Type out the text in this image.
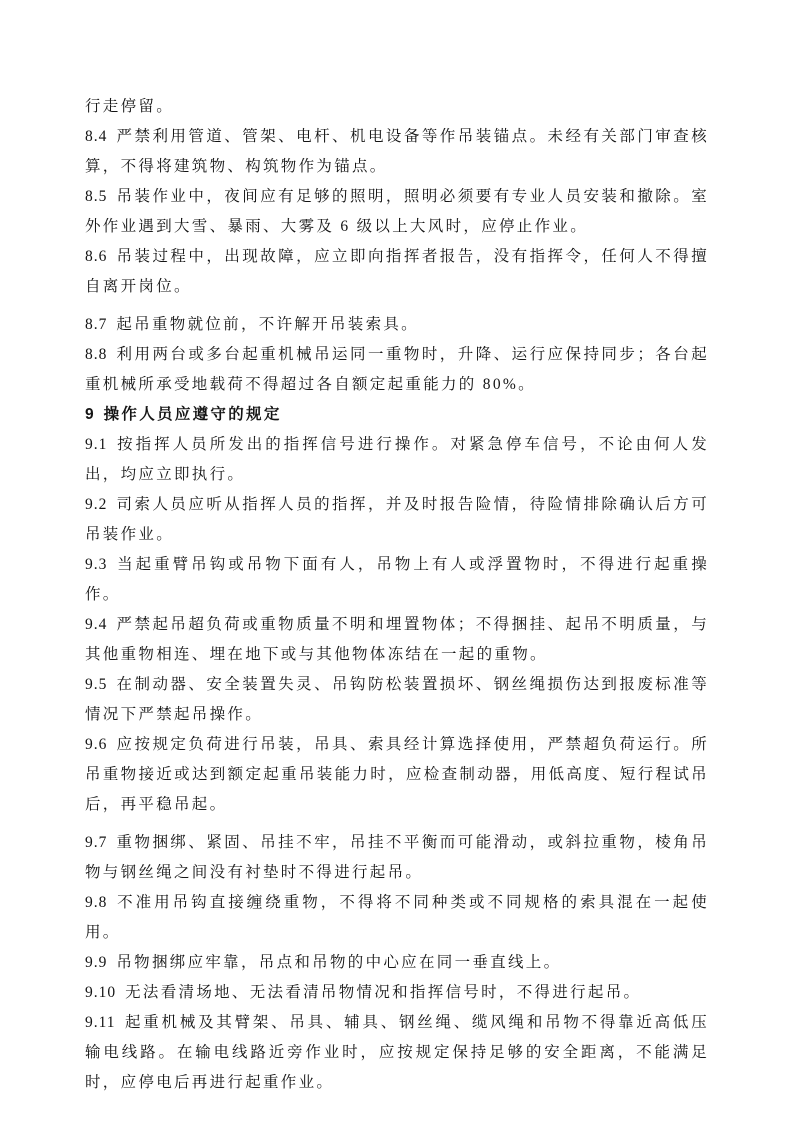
行走停留。

8.4 严禁利用管道、管架、电杆、机电设备等作吊装锚点。未经有关部门审查核算，不得将建筑物、构筑物作为锚点。

8.5 吊装作业中，夜间应有足够的照明，照明必须要有专业人员安装和撤除。室外作业遇到大雪、暴雨、大雾及 6 级以上大风时，应停止作业。

8.6 吊装过程中，出现故障，应立即向指挥者报告，没有指挥令，任何人不得擅自离开岗位。

8.7 起吊重物就位前，不许解开吊装索具。

8.8 利用两台或多台起重机械吊运同一重物时，升降、运行应保持同步；各台起重机械所承受地载荷不得超过各自额定起重能力的 80%。

9 操作人员应遵守的规定

9.1 按指挥人员所发出的指挥信号进行操作。对紧急停车信号，不论由何人发出，均应立即执行。

9.2 司索人员应听从指挥人员的指挥，并及时报告险情，待险情排除确认后方可吊装作业。

9.3 当起重臂吊钩或吊物下面有人，吊物上有人或浮置物时，不得进行起重操作。

9.4 严禁起吊超负荷或重物质量不明和埋置物体；不得捆挂、起吊不明质量，与其他重物相连、埋在地下或与其他物体冻结在一起的重物。

9.5 在制动器、安全装置失灵、吊钩防松装置损坏、钢丝绳损伤达到报废标准等情况下严禁起吊操作。

9.6 应按规定负荷进行吊装，吊具、索具经计算选择使用，严禁超负荷运行。所吊重物接近或达到额定起重吊装能力时，应检查制动器，用低高度、短行程试吊后，再平稳吊起。

9.7 重物捆绑、紧固、吊挂不牢，吊挂不平衡而可能滑动，或斜拉重物，棱角吊物与钢丝绳之间没有衬垫时不得进行起吊。

9.8 不准用吊钩直接缠绕重物，不得将不同种类或不同规格的索具混在一起使用。

9.9 吊物捆绑应牢靠，吊点和吊物的中心应在同一垂直线上。

9.10 无法看清场地、无法看清吊物情况和指挥信号时，不得进行起吊。

9.11 起重机械及其臂架、吊具、辅具、钢丝绳、缆风绳和吊物不得靠近高低压输电线路。在输电线路近旁作业时，应按规定保持足够的安全距离，不能满足时，应停电后再进行起重作业。
